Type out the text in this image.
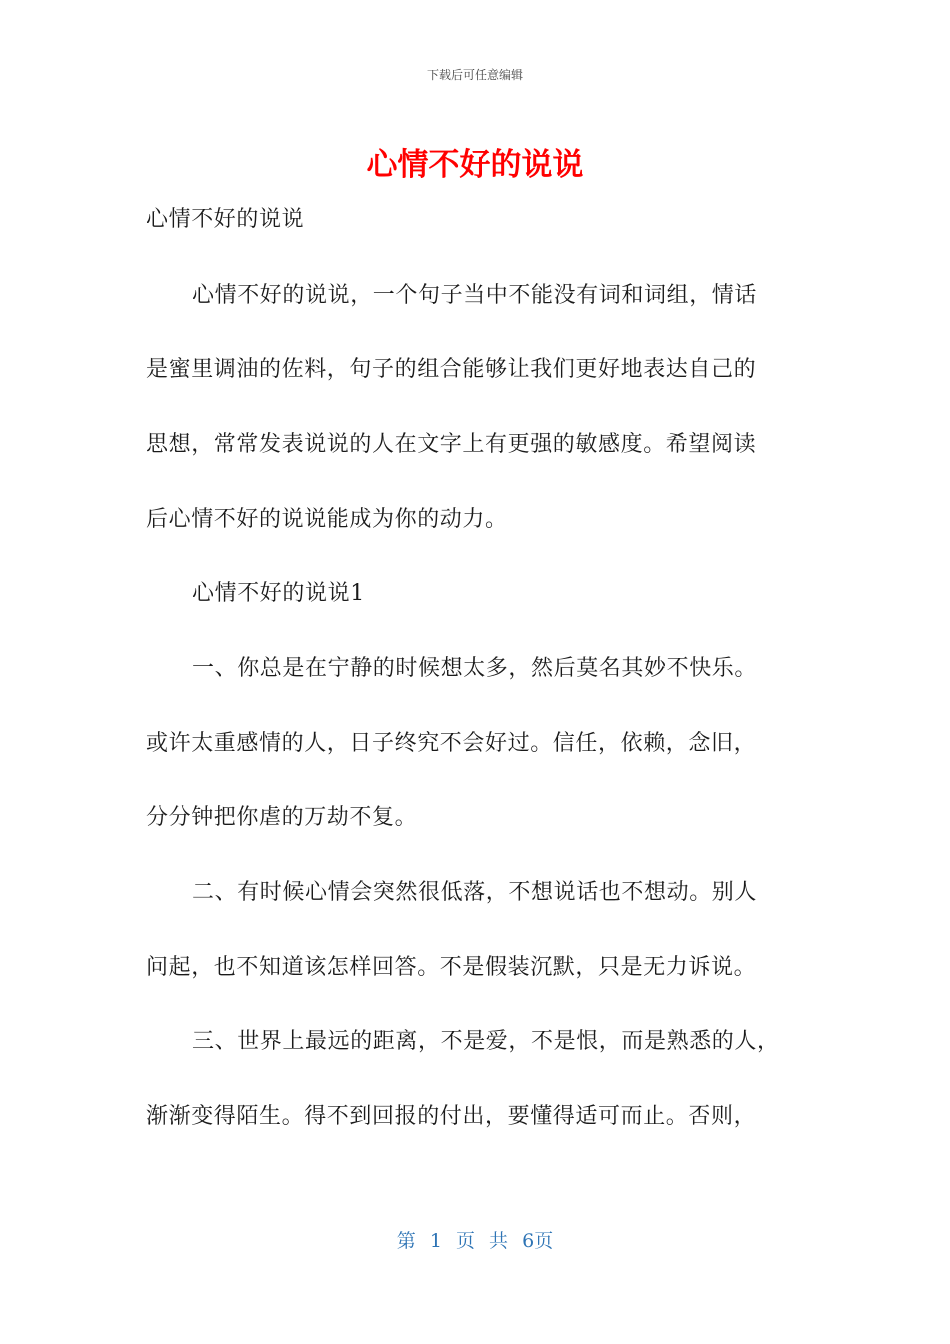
下载后可任意编辑
心情不好的说说
心情不好的说说
心情不好的说说，一个句子当中不能没有词和词组，情话
是蜜里调油的佐料，句子的组合能够让我们更好地表达自己的
思想，常常发表说说的人在文字上有更强的敏感度。希望阅读
后心情不好的说说能成为你的动力。
心情不好的说说1
一、你总是在宁静的时候想太多，然后莫名其妙不快乐。
或许太重感情的人，日子终究不会好过。信任，依赖，念旧，
分分钟把你虐的万劫不复。
二、有时候心情会突然很低落，不想说话也不想动。别人
问起，也不知道该怎样回答。不是假装沉默，只是无力诉说。
三、世界上最远的距离，不是爱，不是恨，而是熟悉的人，
渐渐变得陌生。得不到回报的付出，要懂得适可而止。否则，
第 1 页 共 6页
